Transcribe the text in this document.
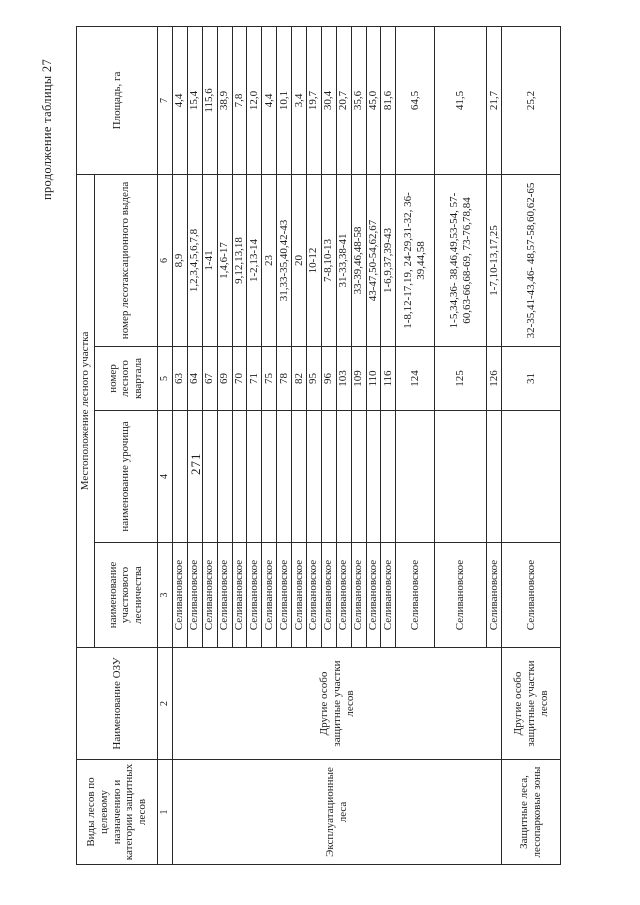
271
продолжение таблицы 27
Виды лесов по целевому назначению и категории защитных лесов	Наименование ОЗУ	Местоположение лесного участка				Площадь, га
		наименование участкового лесничества	наименование урочища	номер лесного квартала	номер лесотаксационного выдела	
1	2	3	4	5	6	7
Эксплуатационные леса	Другие особо защитные участки лесов	Селивановское		63	8,9	4,4
		Селивановское		64	1,2,3,4,5,6,7,8	15,4
		Селивановское		67	1-41	115,6
		Селивановское		69	1,4,6-17	38,9
		Селивановское		70	9,12,13,18	7,8
		Селивановское		71	1-2,13-14	12,0
		Селивановское		75	23	4,4
		Селивановское		78	31,33-35,40,42-43	10,1
		Селивановское		82	20	3,4
		Селивановское		95	10-12	19,7
		Селивановское		96	7-8,10-13	30,4
		Селивановское		103	31-33,38-41	20,7
		Селивановское		109	33-39,46,48-58	35,6
		Селивановское		110	43-47,50-54,62,67	45,0
		Селивановское		116	1-6,9,37,39-43	81,6
		Селивановское		124	1-8,12-17,19, 24-29,31-32, 36-39,44,58	64,5
		Селивановское		125	1-5,34,36- 38,46,49,53-54, 57-60,63-66,68-69, 73-76,78,84	41,5
		Селивановское		126	1-7,10-13,17,25	21,7
Защитные леса, лесопарковые зоны	Другие особо защитные участки лесов	Селивановское		31	32-35,41-43,46- 48,57-58,60,62-65	25,2
